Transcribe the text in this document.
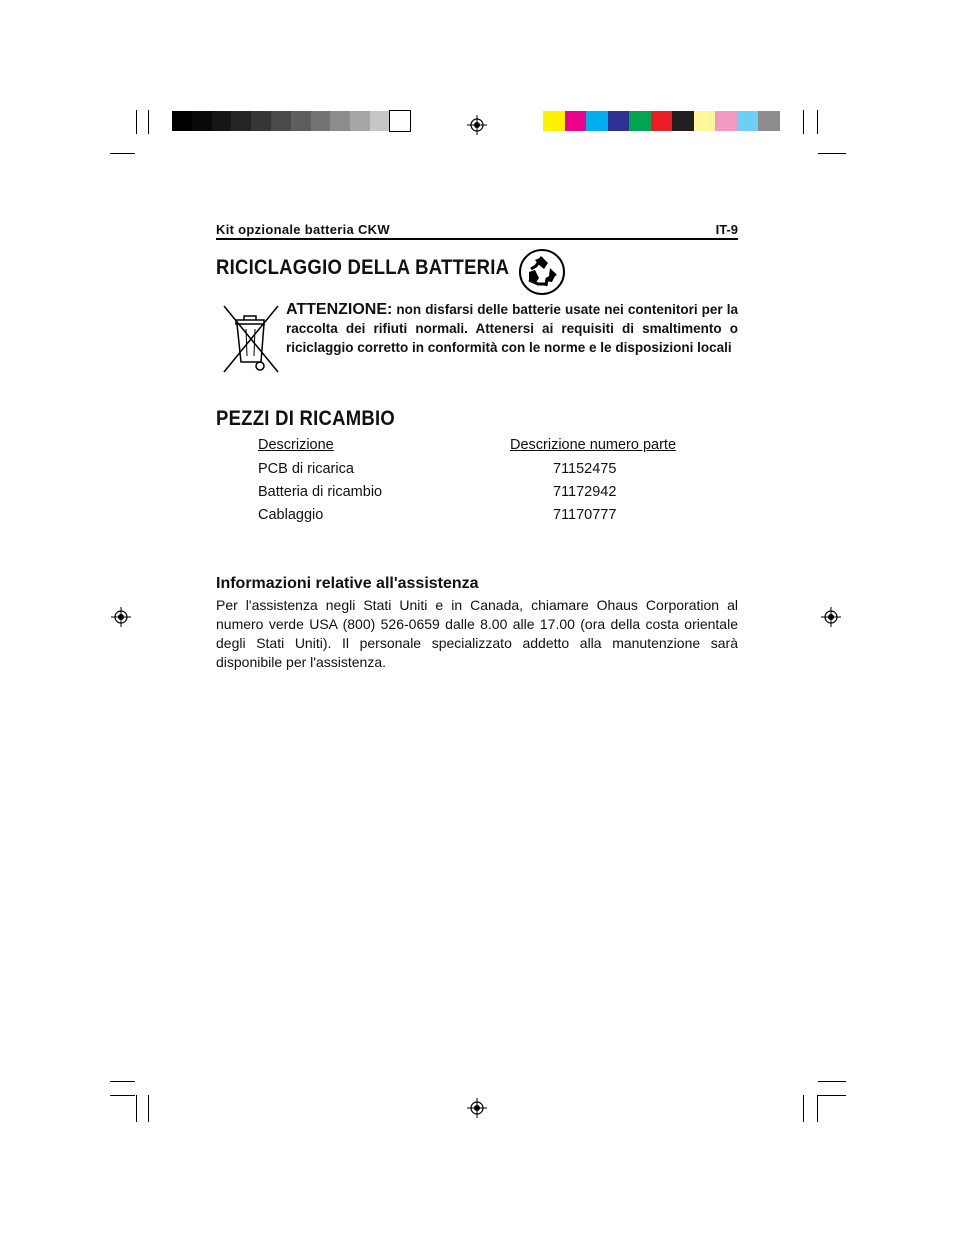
Kit opzionale batteria CKW	IT-9
RICICLAGGIO DELLA BATTERIA
ATTENZIONE: non disfarsi delle batterie usate nei contenitori per la raccolta dei rifiuti normali. Attenersi ai requisiti di smaltimento o riciclaggio corretto in conformità con le norme e le disposizioni locali
PEZZI DI RICAMBIO
Descrizione	Descrizione numero parte
PCB di ricarica	71152475
Batteria di ricambio	71172942
Cablaggio	71170777
Informazioni relative all'assistenza
Per l'assistenza negli Stati Uniti e in Canada, chiamare Ohaus Corporation al numero verde USA (800) 526-0659 dalle 8.00 alle 17.00 (ora della costa orientale degli Stati Uniti). Il personale specializzato addetto alla manutenzione sarà disponibile per l'assistenza.
